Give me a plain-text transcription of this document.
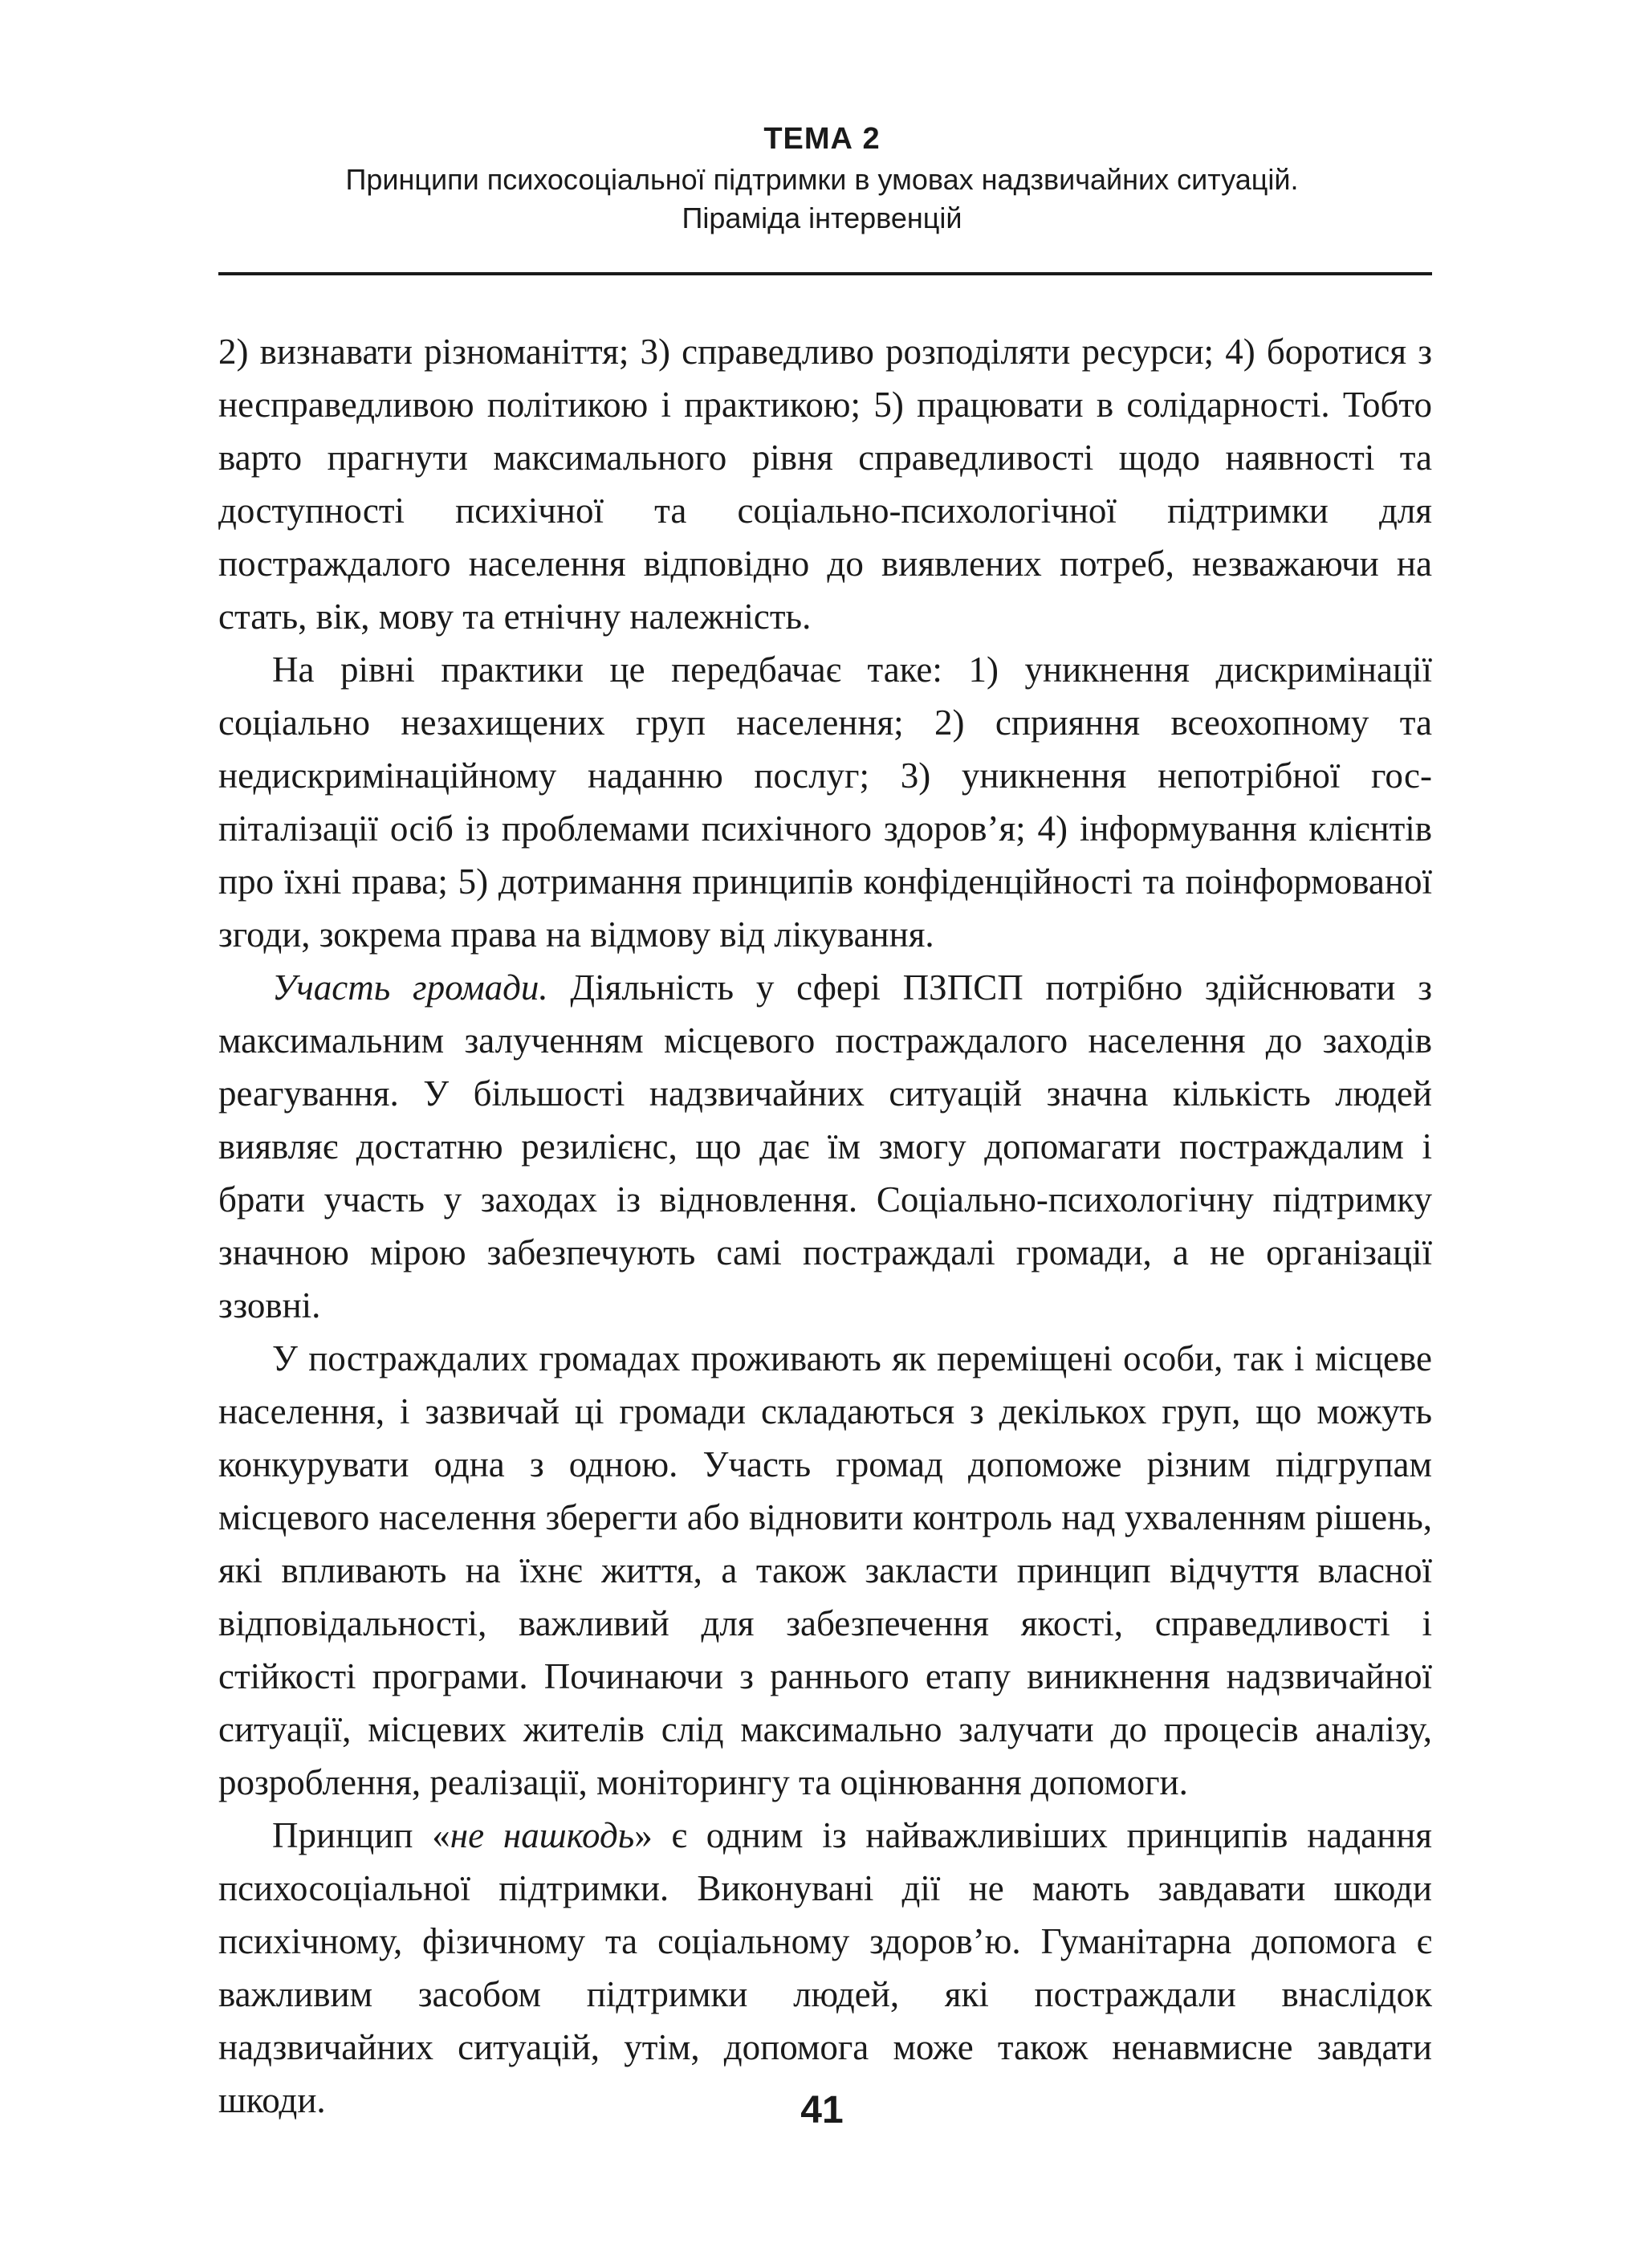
ТЕМА 2
Принципи психосоціальної підтримки в умовах надзвичайних ситуацій.
Піраміда інтервенцій

2) визнавати різноманіття; 3) справедливо розподіляти ресурси; 4) боротися з несправедливою політикою і практикою; 5) працювати в солідарності. Тобто варто прагнути максимального рівня справедливості щодо наявності та доступності психічної та соціально-психологічної підтримки для постраждалого населення відповідно до виявлених потреб, незважаючи на стать, вік, мову та етнічну належність.

На рівні практики це передбачає таке: 1) уникнення дискримінації соціально незахищених груп населення; 2) сприяння всеохопному та недискримінаційному наданню послуг; 3) уникнення непотрібної госпіталізації осіб із проблемами психічного здоров’я; 4) інформування клієнтів про їхні права; 5) дотримання принципів конфіденційності та поінформованої згоди, зокрема права на відмову від лікування.

Участь громади. Діяльність у сфері ПЗПСП потрібно здійснювати з максимальним залученням місцевого постраждалого населення до заходів реагування. У більшості надзвичайних ситуацій значна кількість людей виявляє достатню резилієнс, що дає їм змогу допомагати постраждалим і брати участь у заходах із відновлення. Соціально-психологічну підтримку значною мірою забезпечують самі постраждалі громади, а не організації ззовні.

У постраждалих громадах проживають як переміщені особи, так і місцеве населення, і зазвичай ці громади складаються з декількох груп, що можуть конкурувати одна з одною. Участь громад допоможе різним підгрупам місцевого населення зберегти або відновити контроль над ухваленням рішень, які впливають на їхнє життя, а також закласти принцип відчуття власної відповідальності, важливий для забезпечення якості, справедливості і стійкості програми. Починаючи з раннього етапу виникнення надзвичайної ситуації, місцевих жителів слід максимально залучати до процесів аналізу, розроблення, реалізації, моніторингу та оцінювання допомоги.

Принцип «не нашкодь» є одним із найважливіших принципів надання психосоціальної підтримки. Виконувані дії не мають завдавати шкоди психічному, фізичному та соціальному здоров’ю. Гуманітарна допомога є важливим засобом підтримки людей, які постраждали внаслідок надзвичайних ситуацій, утім, допомога може також ненавмисне завдати шкоди.	41
